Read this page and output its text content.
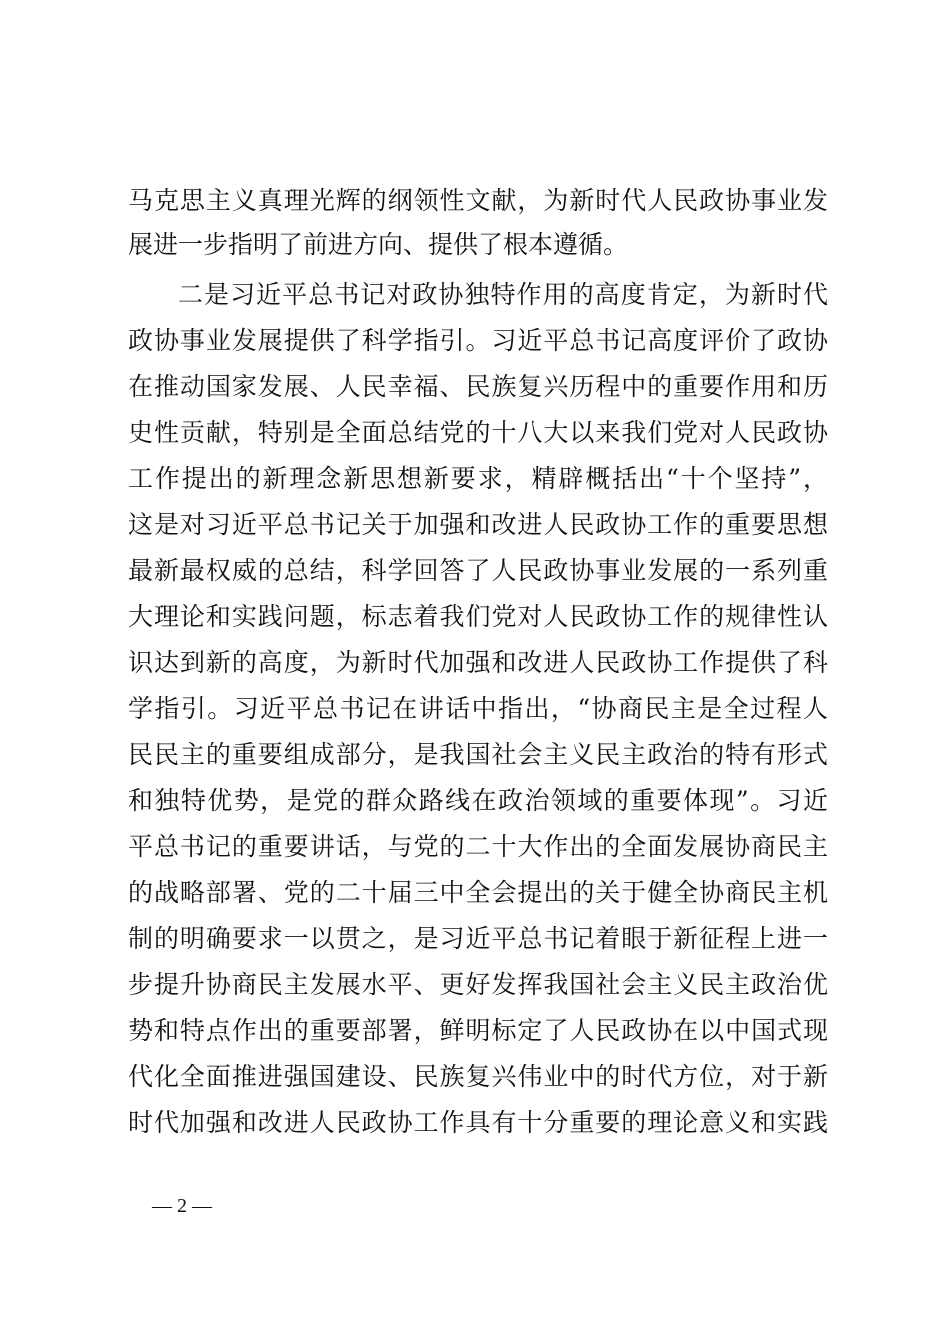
马克思主义真理光辉的纲领性文献，为新时代人民政协事业发
展进一步指明了前进方向、提供了根本遵循。
二是习近平总书记对政协独特作用的高度肯定，为新时代
政协事业发展提供了科学指引。习近平总书记高度评价了政协
在推动国家发展、人民幸福、民族复兴历程中的重要作用和历
史性贡献，特别是全面总结党的十八大以来我们党对人民政协
工作提出的新理念新思想新要求，精辟概括出“十个坚持”，
这是对习近平总书记关于加强和改进人民政协工作的重要思想
最新最权威的总结，科学回答了人民政协事业发展的一系列重
大理论和实践问题，标志着我们党对人民政协工作的规律性认
识达到新的高度，为新时代加强和改进人民政协工作提供了科
学指引。习近平总书记在讲话中指出，“协商民主是全过程人
民民主的重要组成部分，是我国社会主义民主政治的特有形式
和独特优势，是党的群众路线在政治领域的重要体现”。习近
平总书记的重要讲话，与党的二十大作出的全面发展协商民主
的战略部署、党的二十届三中全会提出的关于健全协商民主机
制的明确要求一以贯之，是习近平总书记着眼于新征程上进一
步提升协商民主发展水平、更好发挥我国社会主义民主政治优
势和特点作出的重要部署，鲜明标定了人民政协在以中国式现
代化全面推进强国建设、民族复兴伟业中的时代方位，对于新
时代加强和改进人民政协工作具有十分重要的理论意义和实践
— 2 —
